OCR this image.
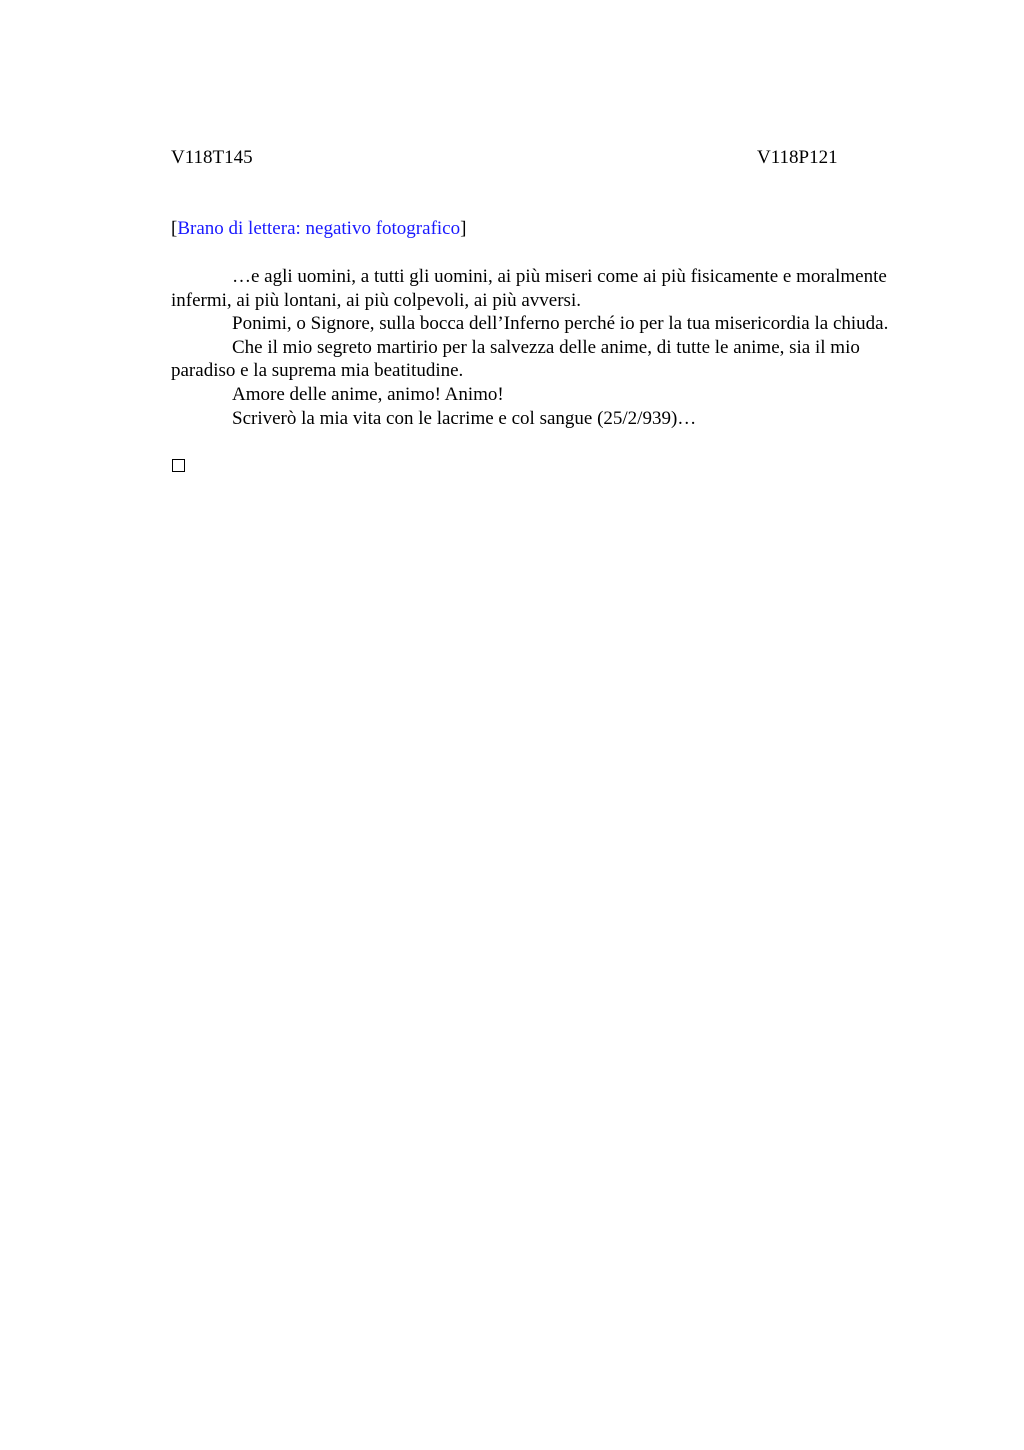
V118T145	V118P121
[Brano di lettera: negativo fotografico]

…e agli uomini, a tutti gli uomini, ai più miseri come ai più fisicamente e moralmente infermi, ai più lontani, ai più colpevoli, ai più avversi.

Ponimi, o Signore, sulla bocca dell’Inferno perché io per la tua misericordia la chiuda.

Che il mio segreto martirio per la salvezza delle anime, di tutte le anime, sia il mio paradiso e la suprema mia beatitudine.

Amore delle anime, animo! Animo!

Scriverò la mia vita con le lacrime e col sangue (25/2/939)…
